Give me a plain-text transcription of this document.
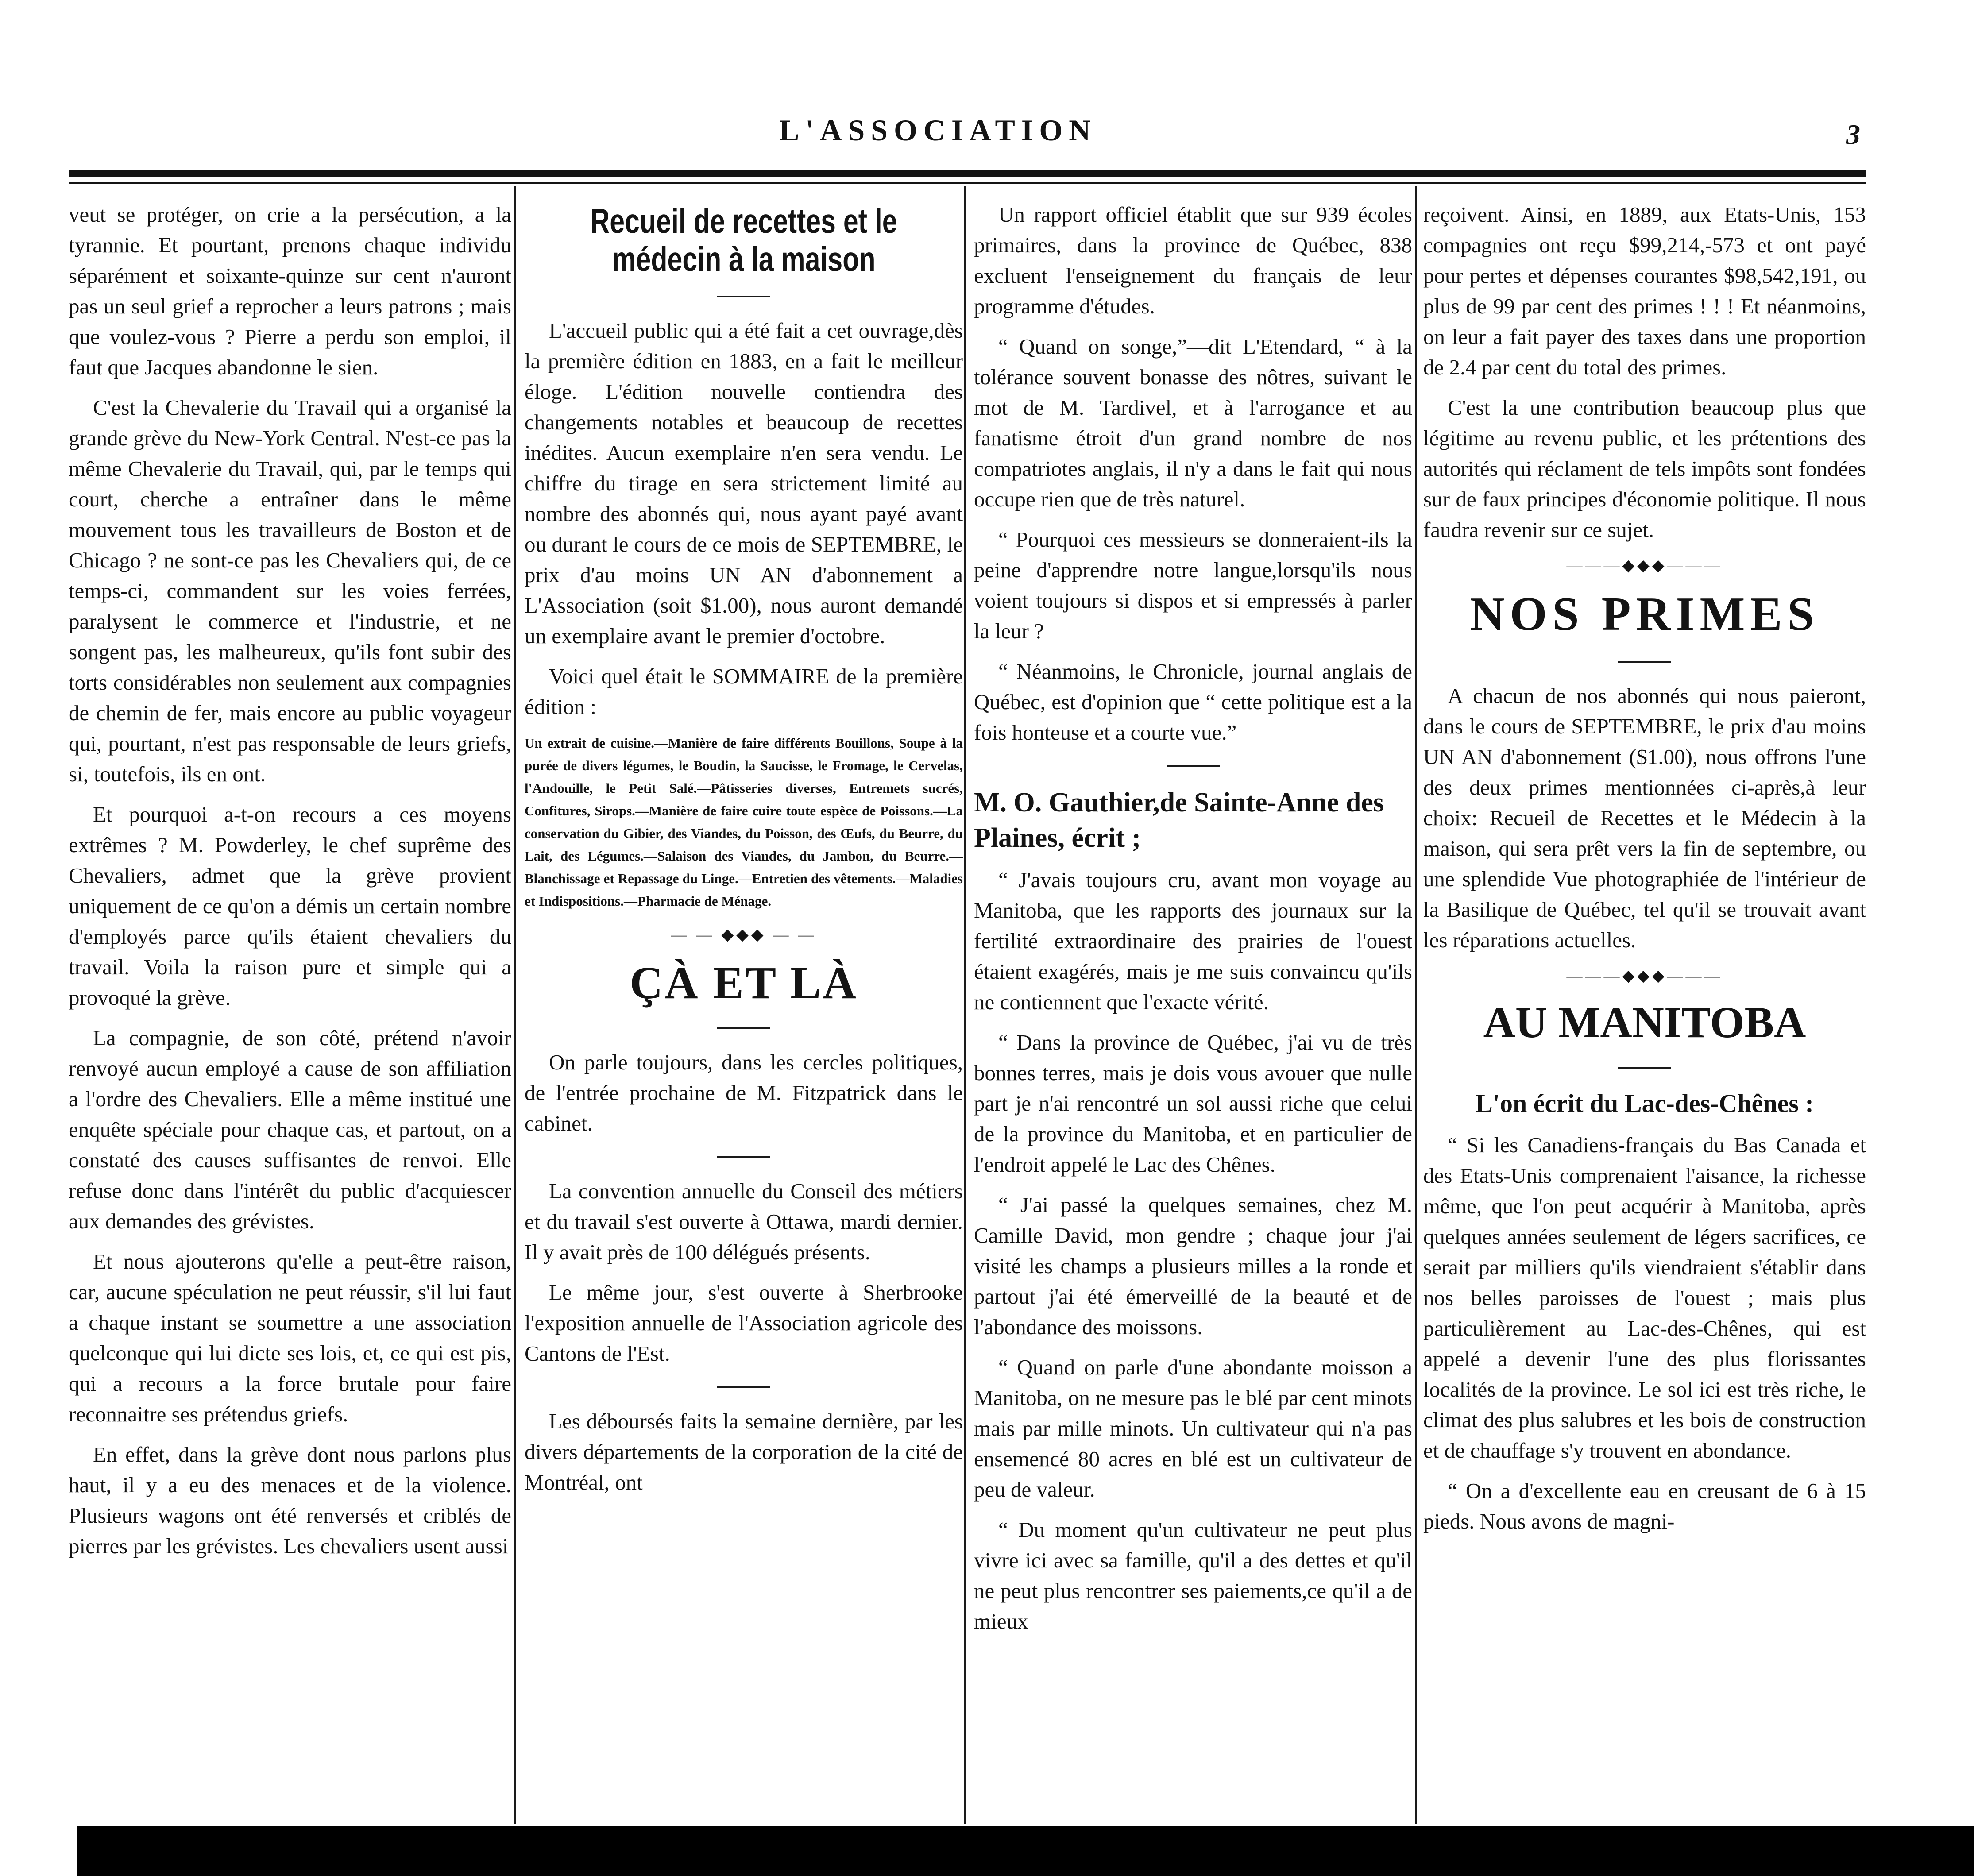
L'ASSOCIATION	3

veut se protéger, on crie a la persécution, a la tyrannie. Et pourtant, prenons chaque individu séparément et soixante-quinze sur cent n'auront pas un seul grief a reprocher a leurs patrons ; mais que voulez-vous ? Pierre a perdu son emploi, il faut que Jacques abandonne le sien.

C'est la Chevalerie du Travail qui a organisé la grande grève du New-York Central. N'est-ce pas la même Chevalerie du Travail, qui, par le temps qui court, cherche a entraîner dans le même mouvement tous les travailleurs de Boston et de Chicago ? ne sont-ce pas les Chevaliers qui, de ce temps-ci, commandent sur les voies ferrées, paralysent le commerce et l'industrie, et ne songent pas, les malheureux, qu'ils font subir des torts considérables non seulement aux compagnies de chemin de fer, mais encore au public voyageur qui, pourtant, n'est pas responsable de leurs griefs, si, toutefois, ils en ont.

Et pourquoi a-t-on recours a ces moyens extrêmes ? M. Powderley, le chef suprême des Chevaliers, admet que la grève provient uniquement de ce qu'on a démis un certain nombre d'employés parce qu'ils étaient chevaliers du travail. Voila la raison pure et simple qui a provoqué la grève.

La compagnie, de son côté, prétend n'avoir renvoyé aucun employé a cause de son affiliation a l'ordre des Chevaliers. Elle a même institué une enquête spéciale pour chaque cas, et partout, on a constaté des causes suffisantes de renvoi. Elle refuse donc dans l'intérêt du public d'acquiescer aux demandes des grévistes.

Et nous ajouterons qu'elle a peut-être raison, car, aucune spéculation ne peut réussir, s'il lui faut a chaque instant se soumettre a une association quelconque qui lui dicte ses lois, et, ce qui est pis, qui a recours a la force brutale pour faire reconnaitre ses prétendus griefs.

En effet, dans la grève dont nous parlons plus haut, il y a eu des menaces et de la violence. Plusieurs wagons ont été renversés et criblés de pierres par les grévistes. Les chevaliers usent aussi

Recueil de recettes et le médecin à la maison

L'accueil public qui a été fait a cet ouvrage,dès la première édition en 1883, en a fait le meilleur éloge. L'édition nouvelle contiendra des changements notables et beaucoup de recettes inédites. Aucun exemplaire n'en sera vendu. Le chiffre du tirage en sera strictement limité au nombre des abonnés qui, nous ayant payé avant ou durant le cours de ce mois de SEPTEMBRE, le prix d'au moins UN AN d'abonnement a L'Association (soit $1.00), nous auront demandé un exemplaire avant le premier d'octobre.

Voici quel était le SOMMAIRE de la première édition :

Un extrait de cuisine.—Manière de faire différents Bouillons, Soupe à la purée de divers légumes, le Boudin, la Saucisse, le Fromage, le Cervelas, l'Andouille, le Petit Salé.—Pâtisseries diverses, Entremets sucrés, Confitures, Sirops.—Manière de faire cuire toute espèce de Poissons.—La conservation du Gibier, des Viandes, du Poisson, des Œufs, du Beurre, du Lait, des Légumes.—Salaison des Viandes, du Jambon, du Beurre.—Blanchissage et Repassage du Linge.—Entretien des vêtements.—Maladies et Indispositions.—Pharmacie de Ménage.

— — ◆◆◆ — —
ÇÀ ET LÀ

On parle toujours, dans les cercles politiques, de l'entrée prochaine de M. Fitzpatrick dans le cabinet.

La convention annuelle du Conseil des métiers et du travail s'est ouverte à Ottawa, mardi dernier. Il y avait près de 100 délégués présents.

Le même jour, s'est ouverte à Sherbrooke l'exposition annuelle de l'Association agricole des Cantons de l'Est.

Les déboursés faits la semaine dernière, par les divers départements de la corporation de la cité de Montréal, ont

Un rapport officiel établit que sur 939 écoles primaires, dans la province de Québec, 838 excluent l'enseignement du français de leur programme d'études.

“ Quand on songe,”—dit L'Etendard, “ à la tolérance souvent bonasse des nôtres, suivant le mot de M. Tardivel, et à l'arrogance et au fanatisme étroit d'un grand nombre de nos compatriotes anglais, il n'y a dans le fait qui nous occupe rien que de très naturel.

“ Pourquoi ces messieurs se donneraient-ils la peine d'apprendre notre langue,lorsqu'ils nous voient toujours si dispos et si empressés à parler la leur ?

“ Néanmoins, le Chronicle, journal anglais de Québec, est d'opinion que “ cette politique est a la fois honteuse et a courte vue.”

M. O. Gauthier,de Sainte-Anne des Plaines, écrit ;

“ J'avais toujours cru, avant mon voyage au Manitoba, que les rapports des journaux sur la fertilité extraordinaire des prairies de l'ouest étaient exagérés, mais je me suis convaincu qu'ils ne contiennent que l'exacte vérité.

“ Dans la province de Québec, j'ai vu de très bonnes terres, mais je dois vous avouer que nulle part je n'ai rencontré un sol aussi riche que celui de la province du Manitoba, et en particulier de l'endroit appelé le Lac des Chênes.

“ J'ai passé la quelques semaines, chez M. Camille David, mon gendre ; chaque jour j'ai visité les champs a plusieurs milles a la ronde et partout j'ai été émerveillé de la beauté et de l'abondance des moissons.

“ Quand on parle d'une abondante moisson a Manitoba, on ne mesure pas le blé par cent minots mais par mille minots. Un cultivateur qui n'a pas ensemencé 80 acres en blé est un cultivateur de peu de valeur.

“ Du moment qu'un cultivateur ne peut plus vivre ici avec sa famille, qu'il a des dettes et qu'il ne peut plus rencontrer ses paiements,ce qu'il a de mieux

reçoivent. Ainsi, en 1889, aux Etats-Unis, 153 compagnies ont reçu $99,214,-573 et ont payé pour pertes et dépenses courantes $98,542,191, ou plus de 99 par cent des primes ! ! ! Et néanmoins, on leur a fait payer des taxes dans une proportion de 2.4 par cent du total des primes.

C'est la une contribution beaucoup plus que légitime au revenu public, et les prétentions des autorités qui réclament de tels impôts sont fondées sur de faux principes d'économie politique. Il nous faudra revenir sur ce sujet.

———◆◆◆———
NOS PRIMES

A chacun de nos abonnés qui nous paieront, dans le cours de SEPTEMBRE, le prix d'au moins UN AN d'abonnement ($1.00), nous offrons l'une des deux primes mentionnées ci-après,à leur choix: Recueil de Recettes et le Médecin à la maison, qui sera prêt vers la fin de septembre, ou une splendide Vue photographiée de l'intérieur de la Basilique de Québec, tel qu'il se trouvait avant les réparations actuelles.

———◆◆◆———
AU MANITOBA
L'on écrit du Lac-des-Chênes :

“ Si les Canadiens-français du Bas Canada et des Etats-Unis comprenaient l'aisance, la richesse même, que l'on peut acquérir à Manitoba, après quelques années seulement de légers sacrifices, ce serait par milliers qu'ils viendraient s'établir dans nos belles paroisses de l'ouest ; mais plus particulièrement au Lac-des-Chênes, qui est appelé a devenir l'une des plus florissantes localités de la province. Le sol ici est très riche, le climat des plus salubres et les bois de construction et de chauffage s'y trouvent en abondance.

“ On a d'excellente eau en creusant de 6 à 15 pieds. Nous avons de magni-
